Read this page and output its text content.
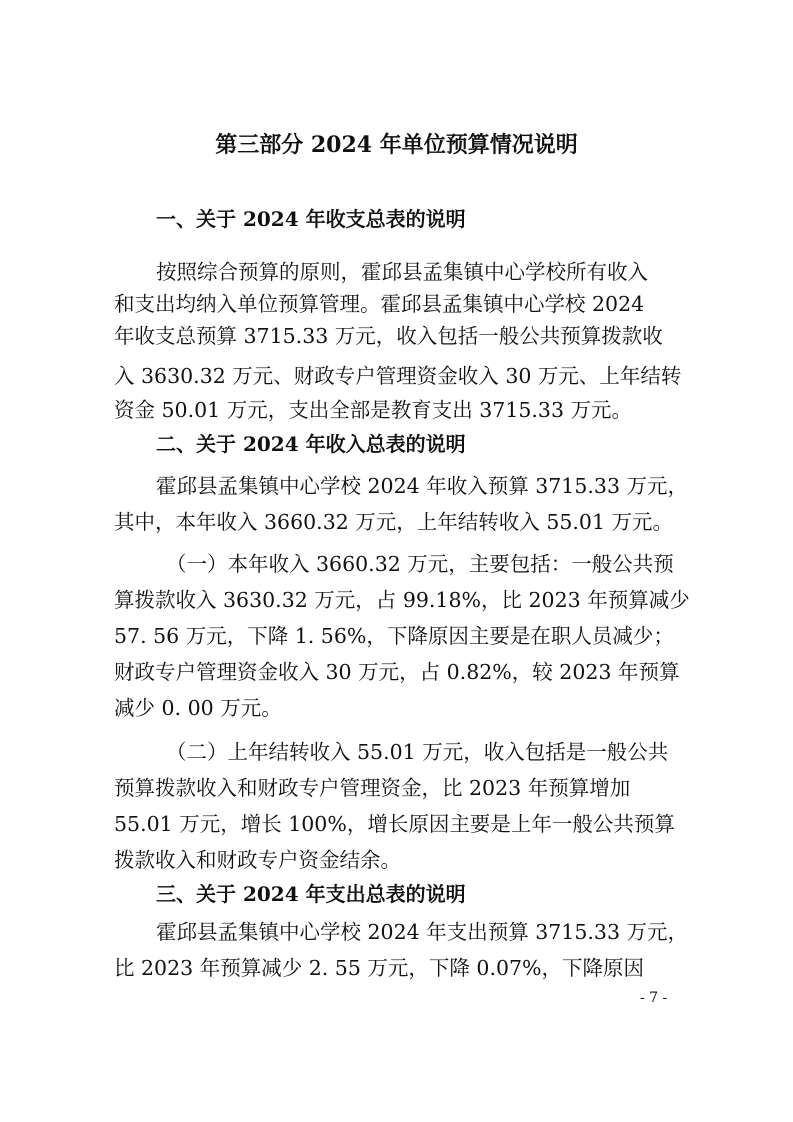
第三部分 2024 年单位预算情况说明
一、关于 2024 年收支总表的说明
按照综合预算的原则，霍邱县孟集镇中心学校所有收入
和支出均纳入单位预算管理。霍邱县孟集镇中心学校 2024
年收支总预算 3715.33 万元，收入包括一般公共预算拨款收
入 3630.32 万元、财政专户管理资金收入 30 万元、上年结转
资金 50.01 万元，支出全部是教育支出 3715.33 万元。
二、关于 2024 年收入总表的说明
霍邱县孟集镇中心学校 2024 年收入预算 3715.33 万元，
其中，本年收入 3660.32 万元，上年结转收入 55.01 万元。
（一）本年收入 3660.32 万元，主要包括：一般公共预
算拨款收入 3630.32 万元，占 99.18%，比 2023 年预算减少
57. 56 万元，下降 1. 56%，下降原因主要是在职人员减少；
财政专户管理资金收入 30 万元，占 0.82%，较 2023 年预算
减少 0. 00 万元。
（二）上年结转收入 55.01 万元，收入包括是一般公共
预算拨款收入和财政专户管理资金，比 2023 年预算增加
55.01 万元，增长 100%，增长原因主要是上年一般公共预算
拨款收入和财政专户资金结余。
三、关于 2024 年支出总表的说明
霍邱县孟集镇中心学校 2024 年支出预算 3715.33 万元，
比 2023 年预算减少 2. 55 万元，下降 0.07%，下降原因
- 7 -
